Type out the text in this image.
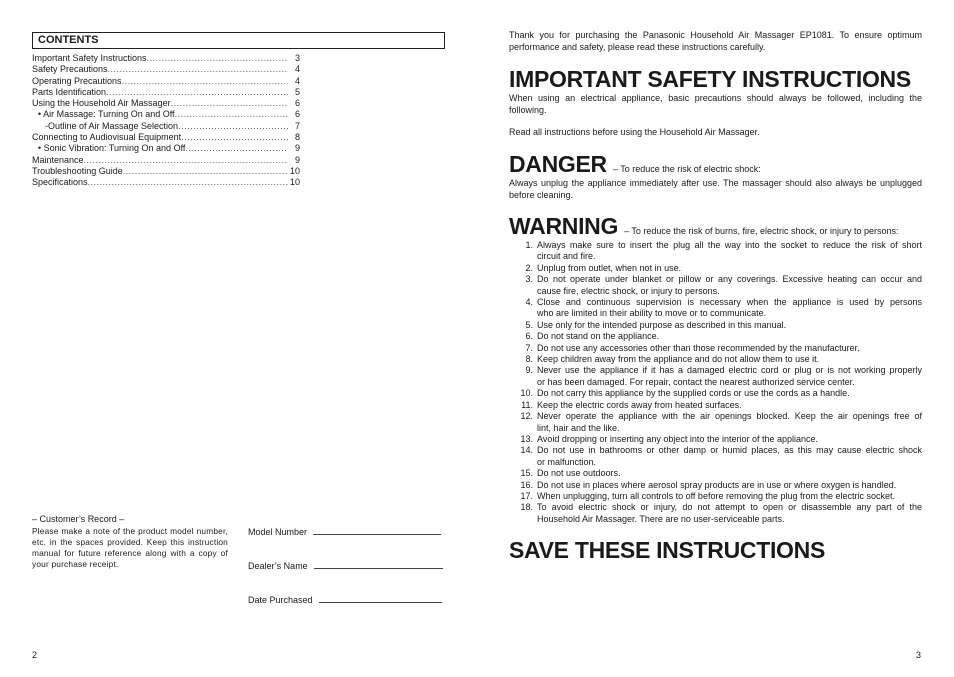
CONTENTS
Important Safety Instructions .....	3
Safety Precautions .....	4
Operating Precautions .....	4
Parts Identification .....	5
Using the Household Air Massager .....	6
• Air Massage: Turning On and Off .....	6
-Outline of Air Massage Selection .....	7
Connecting to Audiovisual Equipment .....	8
• Sonic Vibration: Turning On and Off .....	9
Maintenance .....	9
Troubleshooting Guide .....	10
Specifications .....	10
– Customer’s Record –
Please make a note of the product model number, etc. in the spaces provided. Keep this instruction manual for future reference along with a copy of your purchase receipt.
Model Number
Dealer’s Name
Date Purchased
2
Thank you for purchasing the Panasonic Household Air Massager EP1081. To ensure optimum performance and safety, please read these instructions carefully.
IMPORTANT SAFETY INSTRUCTIONS
When using an electrical appliance, basic precautions should always be followed, including the following.
Read all instructions before using the Household Air Massager.
DANGER – To reduce the risk of electric shock:
Always unplug the appliance immediately after use. The massager should also always be unplugged before cleaning.
WARNING – To reduce the risk of burns, fire, electric shock, or injury to persons:
1. Always make sure to insert the plug all the way into the socket to reduce the risk of short
circuit and fire.
2. Unplug from outlet, when not in use.
3. Do not operate under blanket or pillow or any coverings. Excessive heating can occur and
cause fire, electric shock, or injury to persons.
4. Close and continuous supervision is necessary when the appliance is used by persons
who are limited in their ability to move or to communicate.
5. Use only for the intended purpose as described in this manual.
6. Do not stand on the appliance.
7. Do not use any accessories other than those recommended by the manufacturer.
8. Keep children away from the appliance and do not allow them to use it.
9. Never use the appliance if it has a damaged electric cord or plug or is not working properly
or has been damaged. For repair, contact the nearest authorized service center.
10. Do not carry this appliance by the supplied cords or use the cords as a handle.
11. Keep the electric cords away from heated surfaces.
12. Never operate the appliance with the air openings blocked. Keep the air openings free of
lint, hair and the like.
13. Avoid dropping or inserting any object into the interior of the appliance.
14. Do not use in bathrooms or other damp or humid places, as this may cause electric shock
or malfunction.
15. Do not use outdoors.
16. Do not use in places where aerosol spray products are in use or where oxygen is handled.
17. When unplugging, turn all controls to off before removing the plug from the electric socket.
18. To avoid electric shock or injury, do not attempt to open or disassemble any part of the
Household Air Massager. There are no user-serviceable parts.
SAVE THESE INSTRUCTIONS
3
